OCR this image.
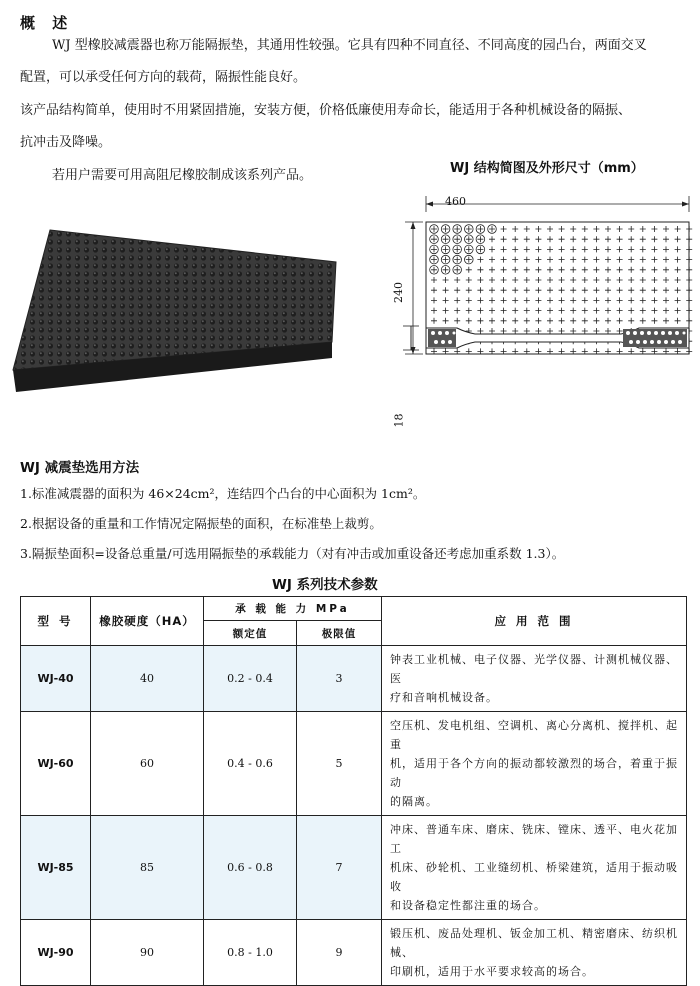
概 述
WJ 型橡胶减震器也称万能隔振垫，其通用性较强。它具有四种不同直径、不同高度的园凸台，两面交叉
配置，可以承受任何方向的载荷，隔振性能良好。
该产品结构简单，使用时不用紧固措施，安装方便，价格低廉使用寿命长，能适用于各种机械设备的隔振、
抗冲击及降噪。
若用户需要可用高阻尼橡胶制成该系列产品。	WJ 结构简图及外形尺寸（mm）
460
240
18
WJ 减震垫选用方法
1.标准减震器的面积为 46×24cm²，连结四个凸台的中心面积为 1cm²。
2.根据设备的重量和工作情况定隔振垫的面积，在标准垫上裁剪。
3.隔振垫面积=设备总重量/可选用隔振垫的承载能力（对有冲击或加重设备还考虑加重系数 1.3）。
WJ 系列技术参数
型 号	橡胶硬度（HA）	承 载 能 力 MPa		应 用 范 围
		额定值	极限值	
WJ-40	40	0.2 - 0.4	3	钟表工业机械、电子仪器、光学仪器、计测机械仪器、医
疗和音响机械设备。

WJ-60	60	0.4 - 0.6	5	空压机、发电机组、空调机、离心分离机、搅拌机、起重
机，适用于各个方向的振动都较激烈的场合，着重于振动
的隔离。

WJ-85	85	0.6 - 0.8	7	冲床、普通车床、磨床、铣床、镗床、透平、电火花加工
机床、砂轮机、工业缝纫机、桥梁建筑，适用于振动吸收
和设备稳定性都注重的场合。

WJ-90	90	0.8 - 1.0	9	锻压机、废品处理机、钣金加工机、精密磨床、纺织机械、
印刷机，适用于水平要求较高的场合。
